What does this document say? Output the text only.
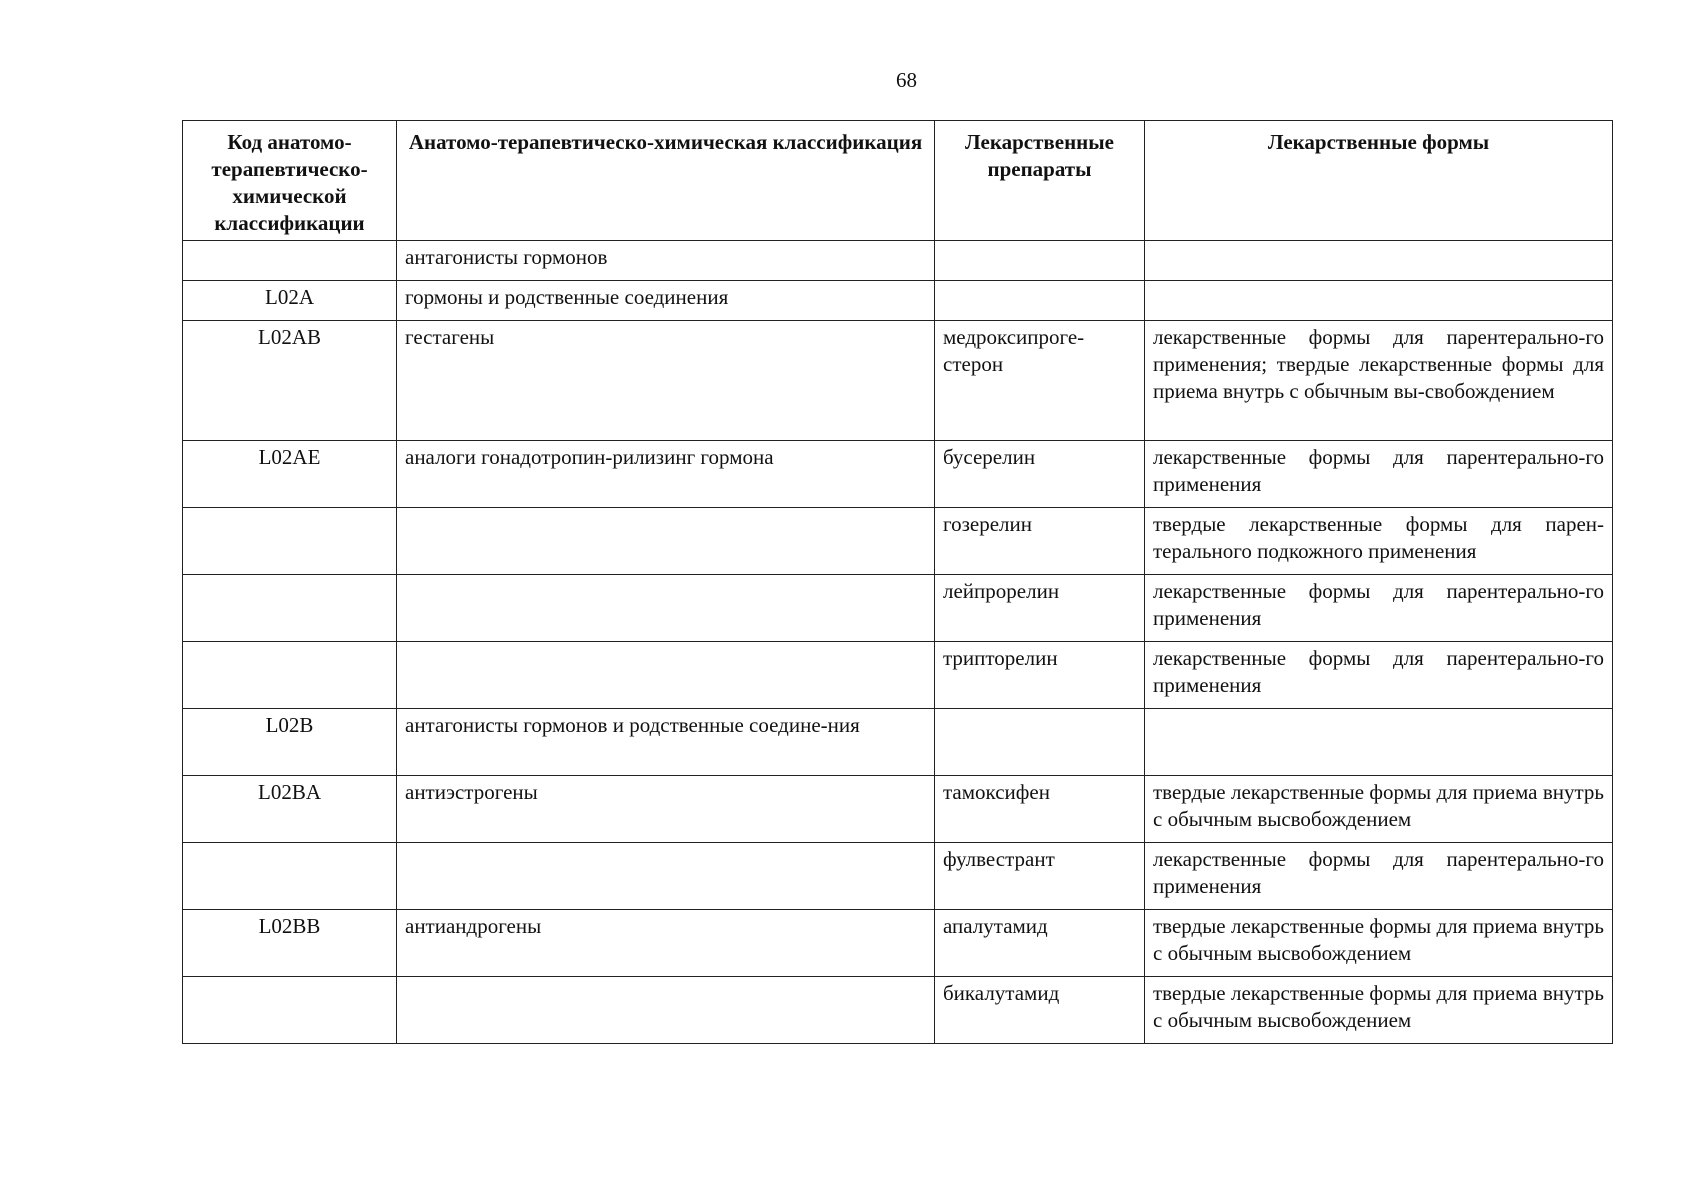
68
Код анатомо-терапевтическо-химической классификации	Анатомо-терапевтическо-химическая классификация	Лекарственные препараты	Лекарственные формы
	антагонисты гормонов		
L02A	гормоны и родственные соединения		
L02AB	гестагены	медроксипроге-стерон	лекарственные формы для парентерально-го применения; твердые лекарственные формы для приема внутрь с обычным вы-свобождением
L02AE	аналоги гонадотропин-рилизинг гормона	бусерелин	лекарственные формы для парентерально-го применения
		гозерелин	твердые лекарственные формы для парен-терального подкожного применения
		лейпрорелин	лекарственные формы для парентерально-го применения
		трипторелин	лекарственные формы для парентерально-го применения
L02B	антагонисты гормонов и родственные соедине-ния		
L02BA	антиэстрогены	тамоксифен	твердые лекарственные формы для приема внутрь с обычным высвобождением
		фулвестрант	лекарственные формы для парентерально-го применения
L02BB	антиандрогены	апалутамид	твердые лекарственные формы для приема внутрь с обычным высвобождением
		бикалутамид	твердые лекарственные формы для приема внутрь с обычным высвобождением
